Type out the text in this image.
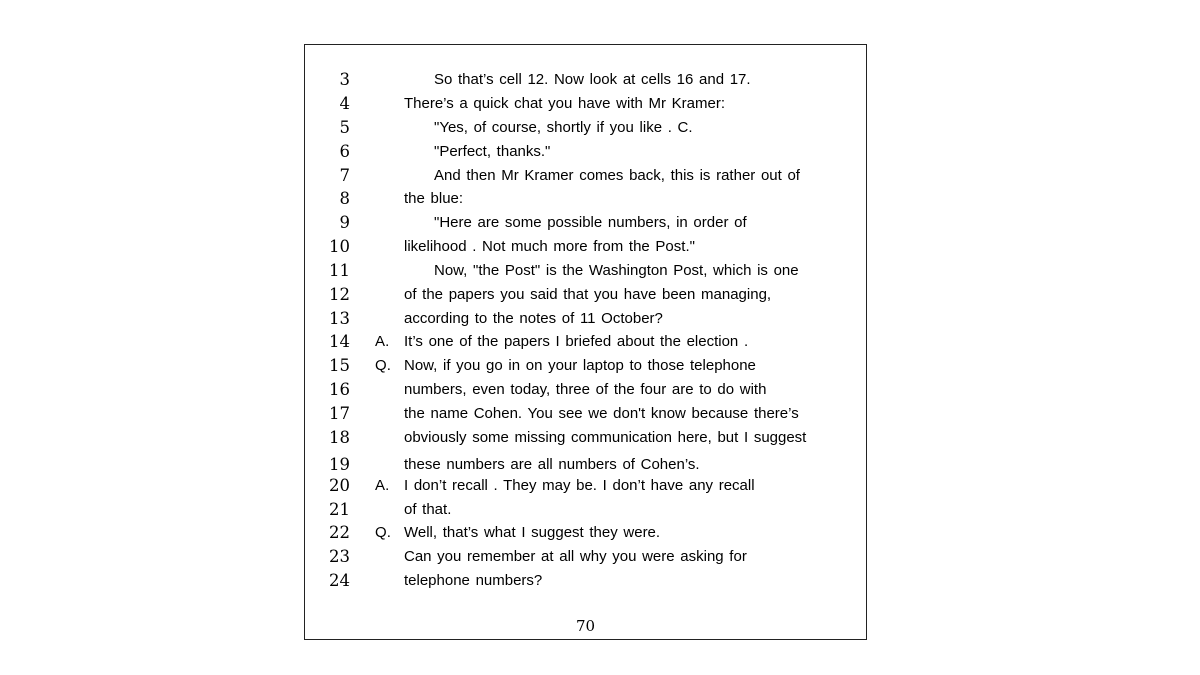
3	So that’s cell 12. Now look at cells 16 and 17.
4	There’s a quick chat you have with Mr Kramer:
5	"Yes, of course, shortly if you like . C.
6	"Perfect, thanks."
7	And then Mr Kramer comes back, this is rather out of
8	the blue:
9	"Here are some possible numbers, in order of
10	likelihood . Not much more from the Post."
11	Now, "the Post" is the Washington Post, which is one
12	of the papers you said that you have been managing,
13	according to the notes of 11 October?
14 A. It’s one of the papers I briefed about the election .
15 Q. Now, if you go in on your laptop to those telephone
16	numbers, even today, three of the four are to do with
17	the name Cohen. You see we don't know because there’s
18	obviously some missing communication here, but I suggest
19	these numbers are all numbers of Cohen’s.
20 A. I don’t recall . They may be. I don’t have any recall
21	of that.
22 Q. Well, that’s what I suggest they were.
23	Can you remember at all why you were asking for
24	telephone numbers?
70
